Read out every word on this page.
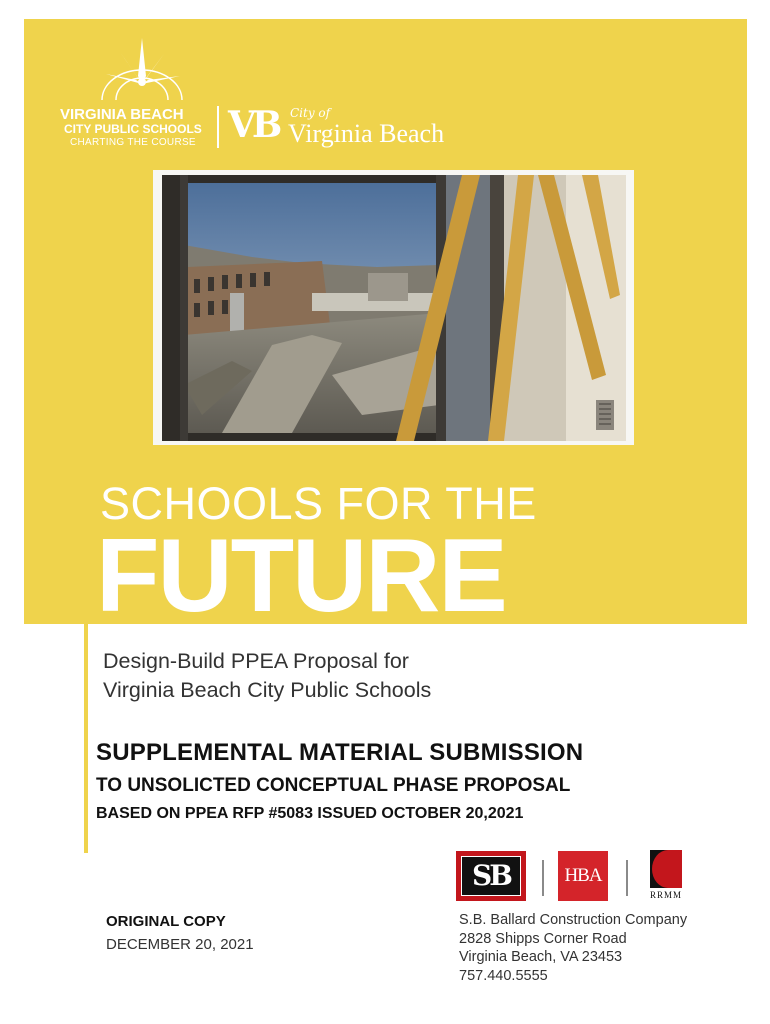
VIRGINIA BEACH
CITY PUBLIC SCHOOLS
CHARTING THE COURSE VB City of
Virginia Beach
SCHOOLS FOR THE
FUTURE
Design-Build PPEA Proposal for
Virginia Beach City Public Schools
SUPPLEMENTAL MATERIAL SUBMISSION
TO UNSOLICTED CONCEPTUAL PHASE PROPOSAL
BASED ON PPEA RFP #5083 ISSUED OCTOBER 20,2021
SB	HBA
RRMM
ORIGINAL COPY
DECEMBER 20, 2021
S.B. Ballard Construction Company
2828 Shipps Corner Road
Virginia Beach, VA 23453
757.440.5555
